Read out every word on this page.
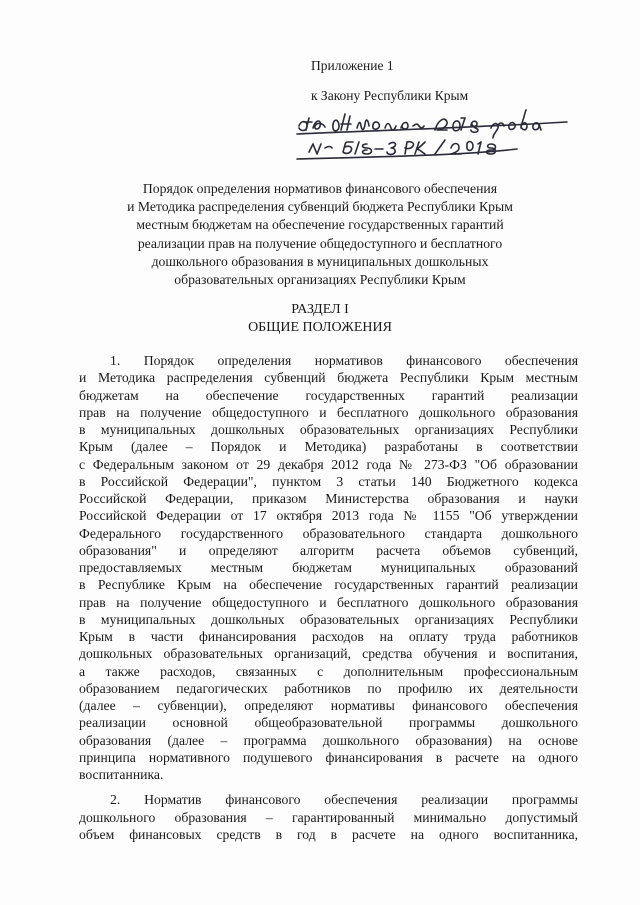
Приложение 1
к Закону Республики Крым
Порядок определения нормативов финансового обеспечения
и Методика распределения субвенций бюджета Республики Крым
местным бюджетам на обеспечение государственных гарантий
реализации прав на получение общедоступного и бесплатного
дошкольного образования в муниципальных дошкольных
образовательных организациях Республики Крым
РАЗДЕЛ I
ОБЩИЕ ПОЛОЖЕНИЯ
1. Порядок определения нормативов финансового обеспечения
и Методика распределения субвенций бюджета Республики Крым местным
бюджетам на обеспечение государственных гарантий реализации
прав на получение общедоступного и бесплатного дошкольного образования
в муниципальных дошкольных образовательных организациях Республики
Крым (далее – Порядок и Методика) разработаны в соответствии
с Федеральным законом от 29 декабря 2012 года № 273-ФЗ "Об образовании
в Российской Федерации", пунктом 3 статьи 140 Бюджетного кодекса
Российской Федерации, приказом Министерства образования и науки
Российской Федерации от 17 октября 2013 года № 1155 "Об утверждении
Федерального государственного образовательного стандарта дошкольного
образования" и определяют алгоритм расчета объемов субвенций,
предоставляемых местным бюджетам муниципальных образований
в Республике Крым на обеспечение государственных гарантий реализации
прав на получение общедоступного и бесплатного дошкольного образования
в муниципальных дошкольных образовательных организациях Республики
Крым в части финансирования расходов на оплату труда работников
дошкольных образовательных организаций, средства обучения и воспитания,
а также расходов, связанных с дополнительным профессиональным
образованием педагогических работников по профилю их деятельности
(далее – субвенции), определяют нормативы финансового обеспечения
реализации основной общеобразовательной программы дошкольного
образования (далее – программа дошкольного образования) на основе
принципа нормативного подушевого финансирования в расчете на одного
воспитанника.
2. Норматив финансового обеспечения реализации программы
дошкольного образования – гарантированный минимально допустимый
объем финансовых средств в год в расчете на одного воспитанника,
